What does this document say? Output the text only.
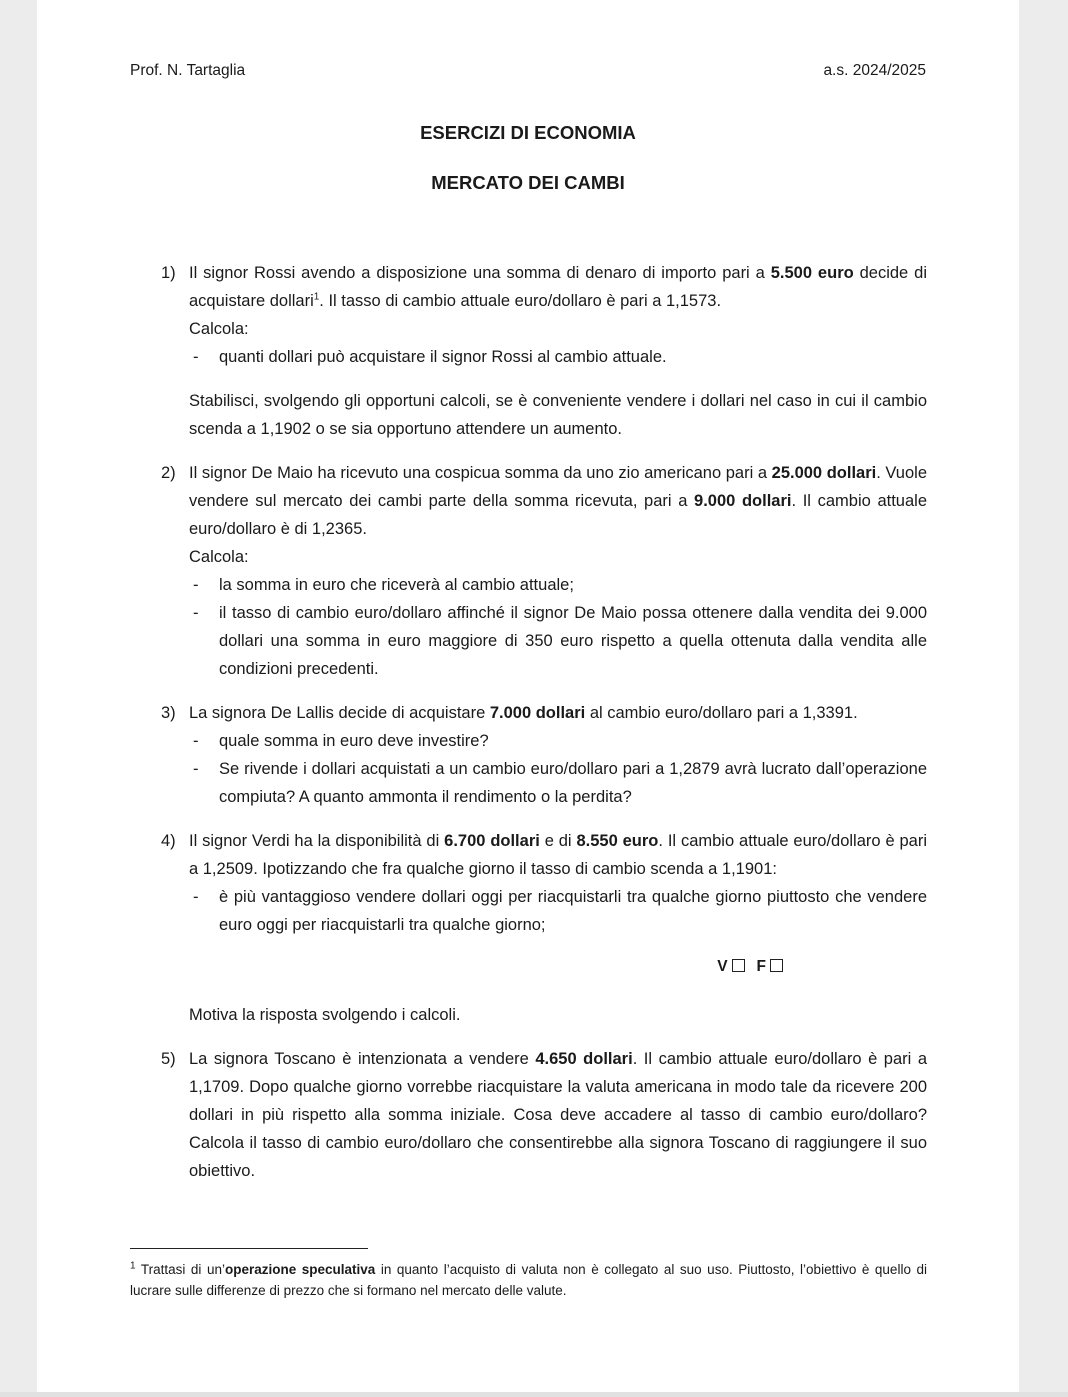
Prof. N. Tartaglia	a.s. 2024/2025
ESERCIZI DI ECONOMIA
MERCATO DEI CAMBI
1) Il signor Rossi avendo a disposizione una somma di denaro di importo pari a 5.500 euro decide di acquistare dollari$^1$. Il tasso di cambio attuale euro/dollaro è pari a 1,1573.

Calcola:

- quanti dollari può acquistare il signor Rossi al cambio attuale.

Stabilisci, svolgendo gli opportuni calcoli, se è conveniente vendere i dollari nel caso in cui il cambio scenda a 1,1902 o se sia opportuno attendere un aumento.

2) Il signor De Maio ha ricevuto una cospicua somma da uno zio americano pari a 25.000 dollari. Vuole vendere sul mercato dei cambi parte della somma ricevuta, pari a 9.000 dollari. Il cambio attuale euro/dollaro è di 1,2365.

Calcola:

- la somma in euro che riceverà al cambio attuale;
- il tasso di cambio euro/dollaro affinché il signor De Maio possa ottenere dalla vendita dei 9.000 dollari una somma in euro maggiore di 350 euro rispetto a quella ottenuta dalla vendita alle condizioni precedenti.
3) La signora De Lallis decide di acquistare 7.000 dollari al cambio euro/dollaro pari a 1,3391.

- quale somma in euro deve investire?
- Se rivende i dollari acquistati a un cambio euro/dollaro pari a 1,2879 avrà lucrato dall’operazione compiuta? A quanto ammonta il rendimento o la perdita?
4) Il signor Verdi ha la disponibilità di 6.700 dollari e di 8.550 euro. Il cambio attuale euro/dollaro è pari a 1,2509. Ipotizzando che fra qualche giorno il tasso di cambio scenda a 1,1901:

- è più vantaggioso vendere dollari oggi per riacquistarli tra qualche giorno piuttosto che vendere euro oggi per riacquistarli tra qualche giorno;
V F

Motiva la risposta svolgendo i calcoli.

5) La signora Toscano è intenzionata a vendere 4.650 dollari. Il cambio attuale euro/dollaro è pari a 1,1709. Dopo qualche giorno vorrebbe riacquistare la valuta americana in modo tale da ricevere 200 dollari in più rispetto alla somma iniziale. Cosa deve accadere al tasso di cambio euro/dollaro? Calcola il tasso di cambio euro/dollaro che consentirebbe alla signora Toscano di raggiungere il suo obiettivo.

$^1$ Trattasi di un’operazione speculativa in quanto l’acquisto di valuta non è collegato al suo uso. Piuttosto, l’obiettivo è quello di lucrare sulle differenze di prezzo che si formano nel mercato delle valute.
